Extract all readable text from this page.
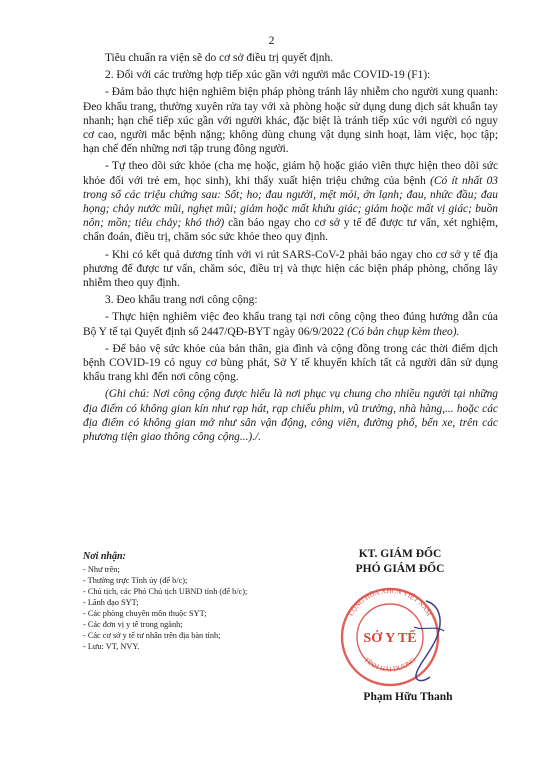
2

Tiêu chuẩn ra viện sẽ do cơ sở điều trị quyết định.

2. Đối với các trường hợp tiếp xúc gần với người mắc COVID-19 (F1):

- Đảm bảo thực hiện nghiêm biện pháp phòng tránh lây nhiễm cho người xung quanh: Đeo khẩu trang, thường xuyên rửa tay với xà phòng hoặc sử dụng dung dịch sát khuẩn tay nhanh; hạn chế tiếp xúc gần với người khác, đặc biệt là tránh tiếp xúc với người có nguy cơ cao, người mắc bệnh nặng; không dùng chung vật dụng sinh hoạt, làm việc, học tập; hạn chế đến những nơi tập trung đông người.

- Tự theo dõi sức khỏe (cha mẹ hoặc, giám hộ hoặc giáo viên thực hiện theo dõi sức khỏe đối với trẻ em, học sinh), khi thấy xuất hiện triệu chứng của bệnh (Có ít nhất 03 trong số các triệu chứng sau: Sốt; ho; đau người, mệt mỏi, ớn lạnh; đau, nhức đầu; đau họng; chảy nước mũi, nghẹt mũi; giảm hoặc mất khứu giác; giảm hoặc mất vị giác; buồn nôn; mồn; tiêu chảy; khó thở) cần báo ngay cho cơ sở y tế để được tư vấn, xét nghiệm, chẩn đoán, điều trị, chăm sóc sức khỏe theo quy định.

- Khi có kết quả dương tính với vi rút SARS-CoV-2 phải báo ngay cho cơ sở y tế địa phương để được tư vấn, chăm sóc, điều trị và thực hiện các biện pháp phòng, chống lây nhiễm theo quy định.

3. Đeo khẩu trang nơi công cộng:

- Thực hiện nghiêm việc đeo khẩu trang tại nơi công cộng theo đúng hướng dẫn của Bộ Y tế tại Quyết định số 2447/QĐ-BYT ngày 06/9/2022 (Có bản chụp kèm theo).

- Để bảo vệ sức khỏe của bản thân, gia đình và cộng đồng trong các thời điểm dịch bệnh COVID-19 có nguy cơ bùng phát, Sở Y tế khuyến khích tất cả người dân sử dụng khẩu trang khi đến nơi công cộng.

(Ghi chú: Nơi công cộng được hiểu là nơi phục vụ chung cho nhiều người tại những địa điểm có không gian kín như rạp hát, rạp chiếu phim, vũ trường, nhà hàng,... hoặc các địa điểm có không gian mở như sân vận động, công viên, đường phố, bến xe, trên các phương tiện giao thông công cộng...)./.

Nơi nhận:
- Như trên;
- Thường trực Tỉnh ủy (để b/c);
- Chủ tịch, các Phó Chủ tịch UBND tỉnh (để b/c);
- Lãnh đạo SYT;
- Các phòng chuyên môn thuộc SYT;
- Các đơn vị y tế trong ngành;
- Các cơ sở y tế tư nhân trên địa bàn tỉnh;
- Lưu: VT, NVY.
KT. GIÁM ĐỐC
PHÓ GIÁM ĐỐC
CỘNG HÒA XHCN VIỆT NAM
TỈNH HẢI DƯƠNG
SỞ Y TẾ
Phạm Hữu Thanh
